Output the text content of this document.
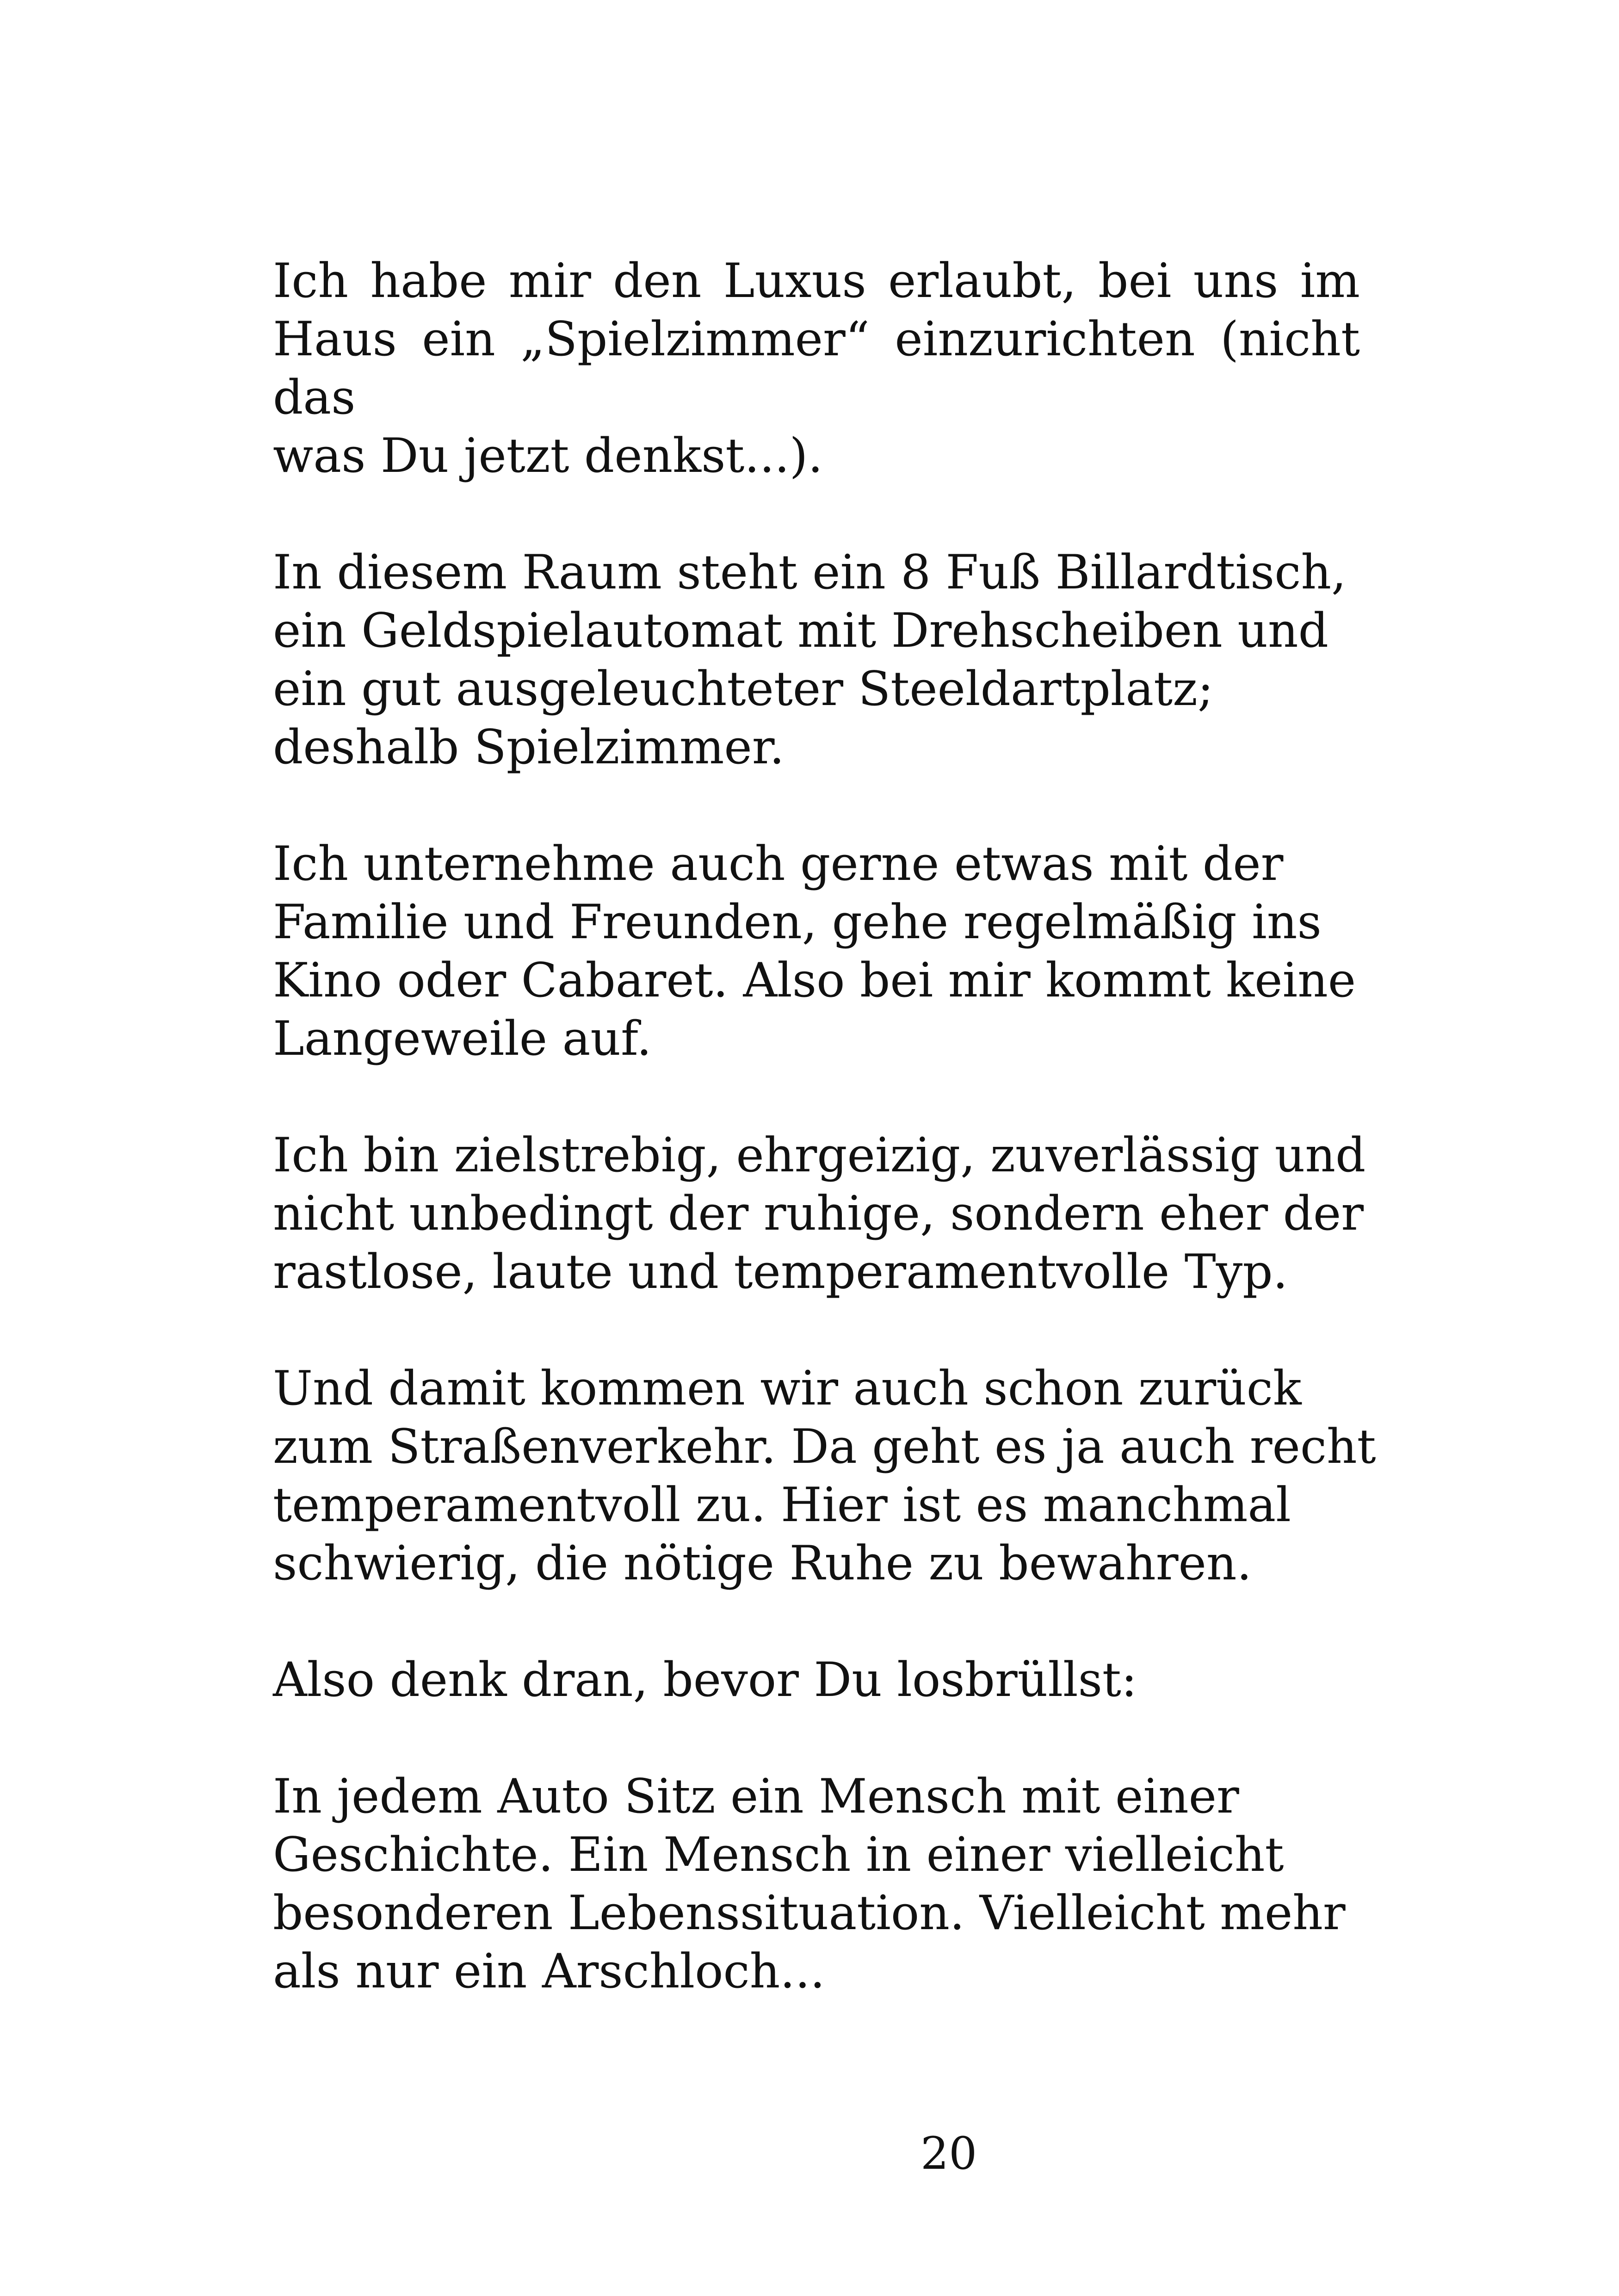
Ich habe mir den Luxus erlaubt, bei uns im
Haus ein „Spielzimmer“ einzurichten (nicht das
was Du jetzt denkst...).

In diesem Raum steht ein 8 Fuß Billardtisch,
ein Geldspielautomat mit Drehscheiben und
ein gut ausgeleuchteter Steeldartplatz;
deshalb Spielzimmer.

Ich unternehme auch gerne etwas mit der
Familie und Freunden, gehe regelmäßig ins
Kino oder Cabaret. Also bei mir kommt keine
Langeweile auf.

Ich bin zielstrebig, ehrgeizig, zuverlässig und
nicht unbedingt der ruhige, sondern eher der
rastlose, laute und temperamentvolle Typ.

Und damit kommen wir auch schon zurück
zum Straßenverkehr. Da geht es ja auch recht
temperamentvoll zu. Hier ist es manchmal
schwierig, die nötige Ruhe zu bewahren.

Also denk dran, bevor Du losbrüllst:

In jedem Auto Sitz ein Mensch mit einer
Geschichte. Ein Mensch in einer vielleicht
besonderen Lebenssituation. Vielleicht mehr
als nur ein Arschloch...

20
